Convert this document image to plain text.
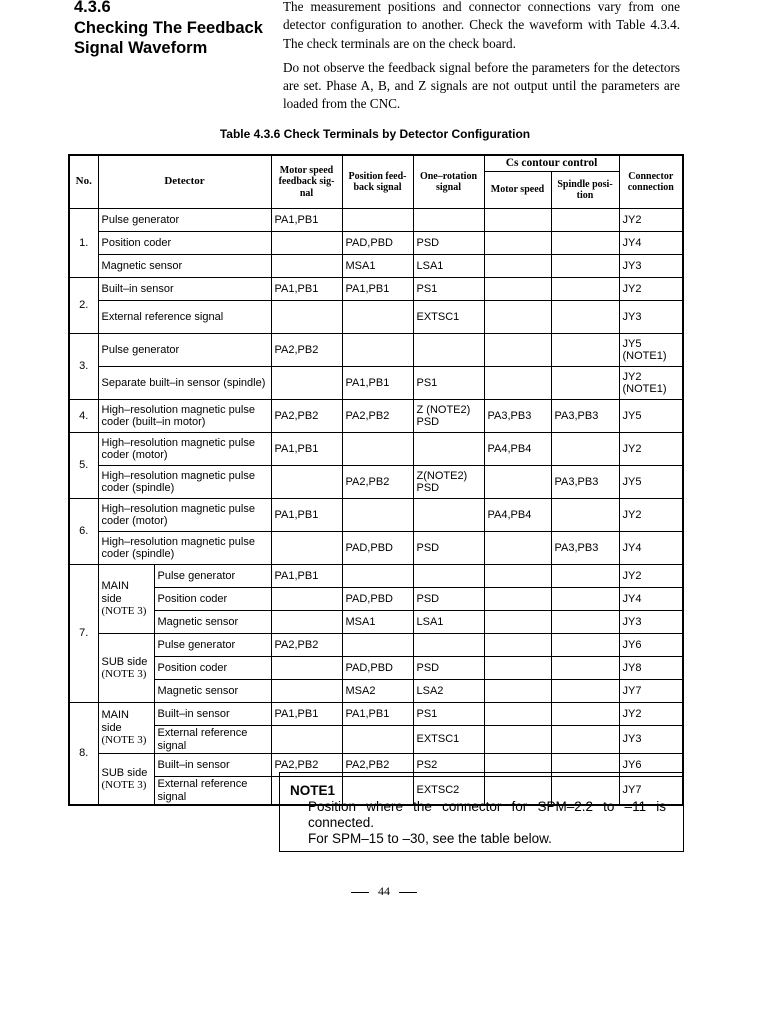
4.3.6
Checking The Feedback Signal Waveform

The measurement positions and connector connections vary from one detector configuration to another. Check the waveform with Table 4.3.4. The check terminals are on the check board.

Do not observe the feedback signal before the parameters for the detectors are set. Phase A, B, and Z signals are not output until the parameters are loaded from the CNC.

Table 4.3.6 Check Terminals by Detector Configuration
No.	Detector		Motor speed feedback sig- nal	Position feed- back signal	One–rotation signal	Cs contour control		Connector connection
						Motor speed	Spindle posi- tion	
1.	Pulse generator		PA1,PB1					JY2
	Position coder			PAD,PBD	PSD			JY4
	Magnetic sensor			MSA1	LSA1			JY3
2.	Built–in sensor		PA1,PB1	PA1,PB1	PS1			JY2
	External reference signal				EXTSC1			JY3
3.	Pulse generator		PA2,PB2					JY5 (NOTE1)
	Separate built–in sensor (spindle)			PA1,PB1	PS1			JY2 (NOTE1)
4.	High–resolution magnetic pulse coder (built–in motor)		PA2,PB2	PA2,PB2	Z (NOTE2) PSD	PA3,PB3	PA3,PB3	JY5
5.	High–resolution magnetic pulse coder (motor)		PA1,PB1			PA4,PB4		JY2
	High–resolution magnetic pulse coder (spindle)			PA2,PB2	Z(NOTE2) PSD		PA3,PB3	JY5
6.	High–resolution magnetic pulse coder (motor)		PA1,PB1			PA4,PB4		JY2
	High–resolution magnetic pulse coder (spindle)			PAD,PBD	PSD		PA3,PB3	JY4
7.	MAIN side
(NOTE 3)	Pulse generator	PA1,PB1					JY2
		Position coder		PAD,PBD	PSD			JY4
		Magnetic sensor		MSA1	LSA1			JY3

	SUB side
(NOTE 3)	Pulse generator	PA2,PB2					JY6
		Position coder		PAD,PBD	PSD			JY8
		Magnetic sensor		MSA2	LSA2			JY7
8.	MAIN side
(NOTE 3)	Built–in sensor	PA1,PB1	PA1,PB1	PS1			JY2
		External reference signal			EXTSC1			JY3

	SUB side
(NOTE 3)	Built–in sensor	PA2,PB2	PA2,PB2	PS2			JY6
		External reference signal			EXTSC2			JY7
NOTE1
Position where the connector for SPM–2.2 to –11 is connected.
For SPM–15 to –30, see the table below.
44
